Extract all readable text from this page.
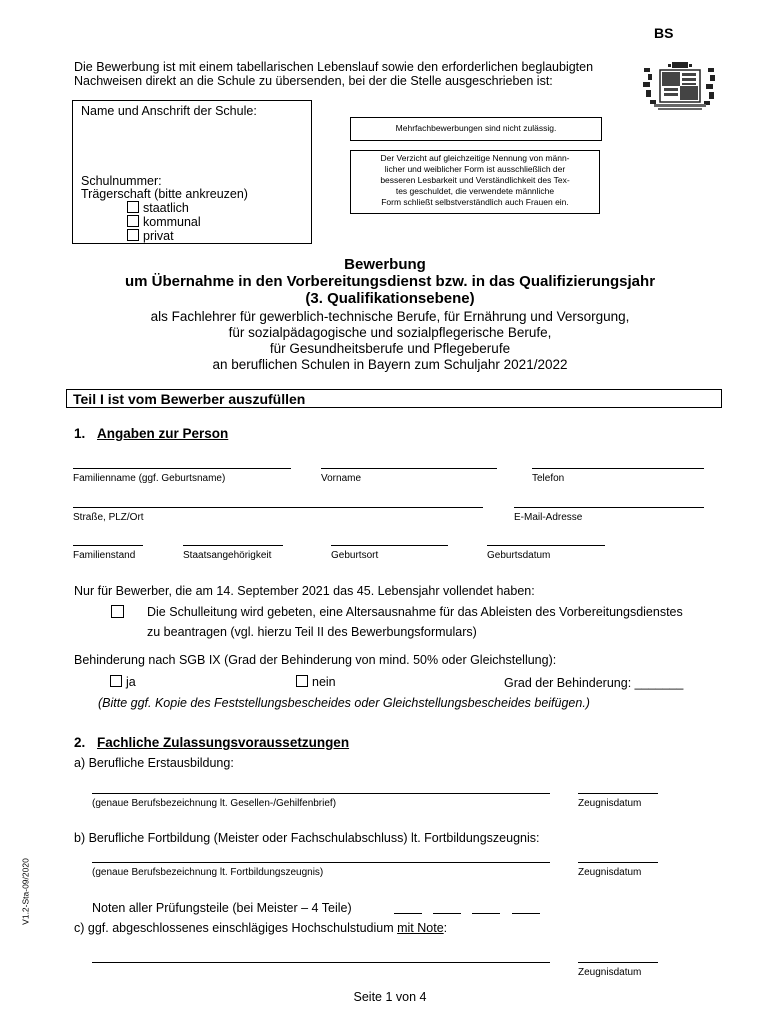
BS
Die Bewerbung ist mit einem tabellarischen Lebenslauf sowie den erforderlichen beglaubigten
Nachweisen direkt an die Schule zu übersenden, bei der die Stelle ausgeschrieben ist:
Name und Anschrift der Schule:
Schulnummer:
Trägerschaft (bitte ankreuzen)
staatlich
kommunal
privat
Mehrfachbewerbungen sind nicht zulässig.
Der Verzicht auf gleichzeitige Nennung von männ-
licher und weiblicher Form ist ausschließlich der
besseren Lesbarkeit und Verständlichkeit des Tex-
tes geschuldet, die verwendete männliche
Form schließt selbstverständlich auch Frauen ein.
Bewerbung
um Übernahme in den Vorbereitungsdienst bzw. in das Qualifizierungsjahr
(3. Qualifikationsebene)
als Fachlehrer für gewerblich-technische Berufe, für Ernährung und Versorgung,
für sozialpädagogische und sozialpflegerische Berufe,
für Gesundheitsberufe und Pflegeberufe
an beruflichen Schulen in Bayern zum Schuljahr 2021/2022
Teil I ist vom Bewerber auszufüllen
1. Angaben zur Person
Familienname (ggf. Geburtsname)	Vorname	Telefon
Straße, PLZ/Ort	E-Mail-Adresse
Familienstand	Staatsangehörigkeit	Geburtsort	Geburtsdatum
Nur für Bewerber, die am 14. September 2021 das 45. Lebensjahr vollendet haben:
Die Schulleitung wird gebeten, eine Altersausnahme für das Ableisten des Vorbereitungsdienstes
zu beantragen (vgl. hierzu Teil II des Bewerbungsformulars)
Behinderung nach SGB IX (Grad der Behinderung von mind. 50% oder Gleichstellung):
ja	nein	Grad der Behinderung: _______
(Bitte ggf. Kopie des Feststellungsbescheides oder Gleichstellungsbescheides beifügen.)
2. Fachliche Zulassungsvoraussetzungen
a) Berufliche Erstausbildung:
(genaue Berufsbezeichnung lt. Gesellen-/Gehilfenbrief)	Zeugnisdatum
b) Berufliche Fortbildung (Meister oder Fachschulabschluss) lt. Fortbildungszeugnis:
(genaue Berufsbezeichnung lt. Fortbildungszeugnis)	Zeugnisdatum
Noten aller Prüfungsteile (bei Meister – 4 Teile)
c) ggf. abgeschlossenes einschlägiges Hochschulstudium mit Note:
Zeugnisdatum
V1.2-Sta-09/2020
Seite 1 von 4
